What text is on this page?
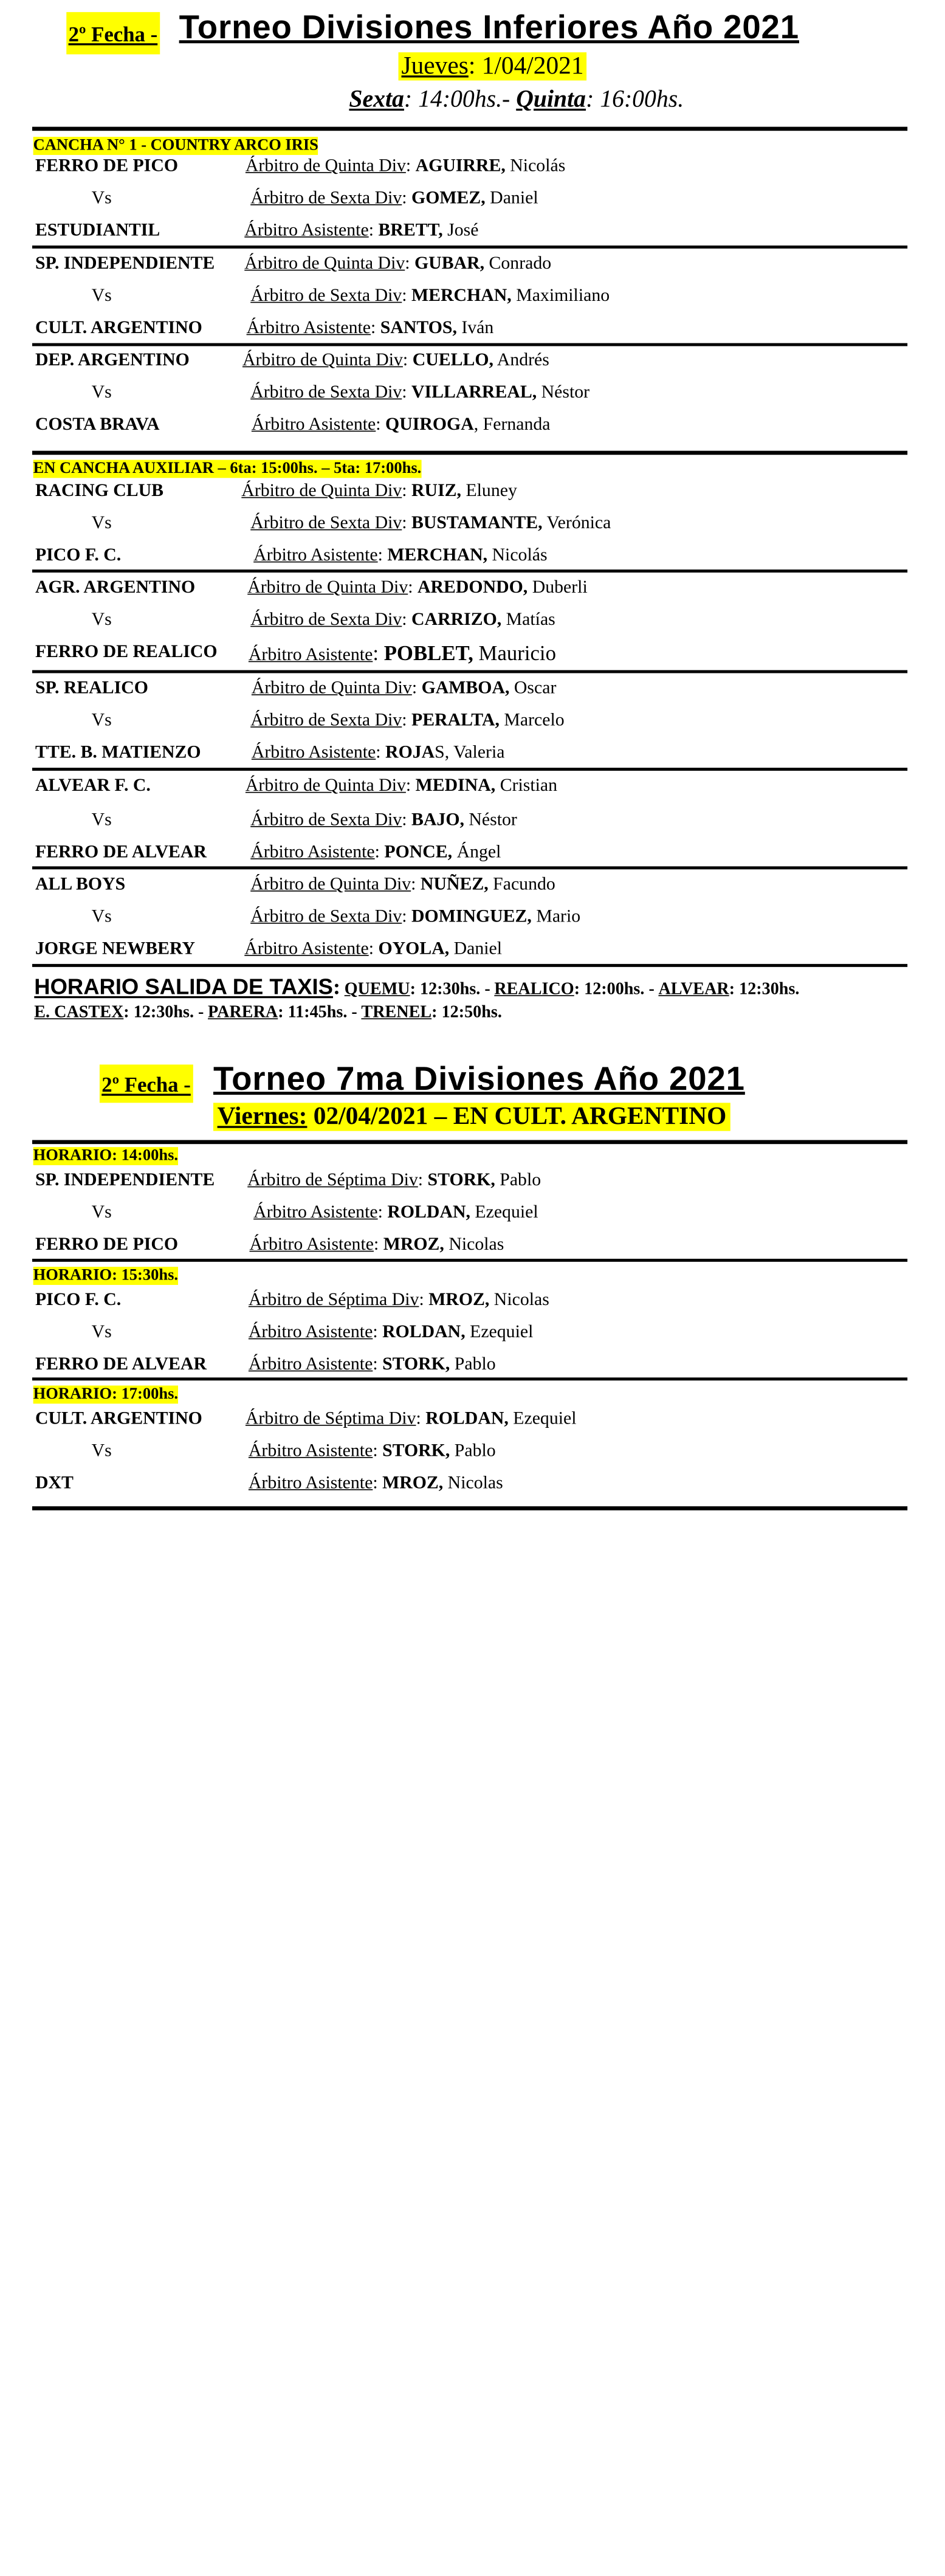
2º Fecha - Torneo Divisiones Inferiores Año 2021
Jueves: 1/04/2021
Sexta: 14:00hs.- Quinta: 16:00hs.
CANCHA N° 1 - COUNTRY ARCO IRIS
FERRO DE PICO
Vs
ESTUDIANTIL
Árbitro de Quinta Div: AGUIRRE, Nicolás
Árbitro de Sexta Div: GOMEZ, Daniel
Árbitro Asistente: BRETT, José
SP. INDEPENDIENTE
Vs
CULT. ARGENTINO
Árbitro de Quinta Div: GUBAR, Conrado
Árbitro de Sexta Div: MERCHAN, Maximiliano
Árbitro Asistente: SANTOS, Iván
DEP. ARGENTINO
Vs
COSTA BRAVA
Árbitro de Quinta Div: CUELLO, Andrés
Árbitro de Sexta Div: VILLARREAL, Néstor
Árbitro Asistente: QUIROGA, Fernanda
EN CANCHA AUXILIAR – 6ta: 15:00hs. – 5ta: 17:00hs.
RACING CLUB
Vs
PICO F. C.
Árbitro de Quinta Div: RUIZ, Eluney
Árbitro de Sexta Div: BUSTAMANTE, Verónica
Árbitro Asistente: MERCHAN, Nicolás
AGR. ARGENTINO
Vs
FERRO DE REALICO
Árbitro de Quinta Div: AREDONDO, Duberli
Árbitro de Sexta Div: CARRIZO, Matías
Árbitro Asistente: POBLET, Mauricio
SP. REALICO
Vs
TTE. B. MATIENZO
Árbitro de Quinta Div: GAMBOA, Oscar
Árbitro de Sexta Div: PERALTA, Marcelo
Árbitro Asistente: ROJAS, Valeria
ALVEAR F. C.
Vs
FERRO DE ALVEAR
Árbitro de Quinta Div: MEDINA, Cristian
Árbitro de Sexta Div: BAJO, Néstor
Árbitro Asistente: PONCE, Ángel
ALL BOYS
Vs
JORGE NEWBERY
Árbitro de Quinta Div: NUÑEZ, Facundo
Árbitro de Sexta Div: DOMINGUEZ, Mario
Árbitro Asistente: OYOLA, Daniel
HORARIO SALIDA DE TAXIS: QUEMU: 12:30hs. - REALICO: 12:00hs. - ALVEAR: 12:30hs.
E. CASTEX: 12:30hs. - PARERA: 11:45hs. - TRENEL: 12:50hs.
2º Fecha - Torneo 7ma Divisiones Año 2021
Viernes: 02/04/2021 – EN CULT. ARGENTINO
HORARIO: 14:00hs.
SP. INDEPENDIENTE
Vs
FERRO DE PICO
Árbitro de Séptima Div: STORK, Pablo
Árbitro Asistente: ROLDAN, Ezequiel
Árbitro Asistente: MROZ, Nicolas
HORARIO: 15:30hs.
PICO F. C.
Vs
FERRO DE ALVEAR
Árbitro de Séptima Div: MROZ, Nicolas
Árbitro Asistente: ROLDAN, Ezequiel
Árbitro Asistente: STORK, Pablo
HORARIO: 17:00hs.
CULT. ARGENTINO
Vs
DXT
Árbitro de Séptima Div: ROLDAN, Ezequiel
Árbitro Asistente: STORK, Pablo
Árbitro Asistente: MROZ, Nicolas
